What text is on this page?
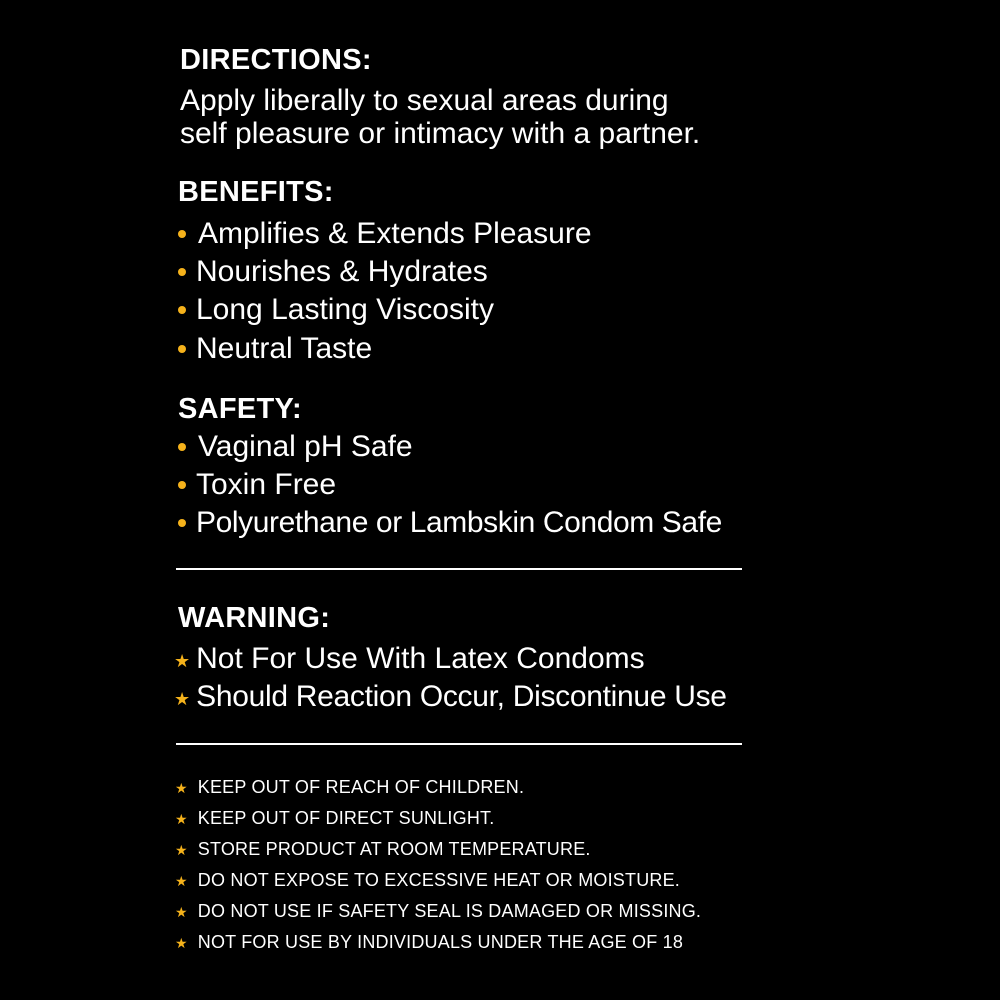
DIRECTIONS:

Apply liberally to sexual areas during

self pleasure or intimacy with a partner.

BENEFITS:
Amplifies & Extends Pleasure
Nourishes & Hydrates
Long Lasting Viscosity
Neutral Taste
SAFETY:
Vaginal pH Safe
Toxin Free
Polyurethane or Lambskin Condom Safe
WARNING:
★ Not For Use With Latex Condoms
★ Should Reaction Occur, Discontinue Use
★ KEEP OUT OF REACH OF CHILDREN.
★ KEEP OUT OF DIRECT SUNLIGHT.
★ STORE PRODUCT AT ROOM TEMPERATURE.
★ DO NOT EXPOSE TO EXCESSIVE HEAT OR MOISTURE.
★ DO NOT USE IF SAFETY SEAL IS DAMAGED OR MISSING.
★ NOT FOR USE BY INDIVIDUALS UNDER THE AGE OF 18
